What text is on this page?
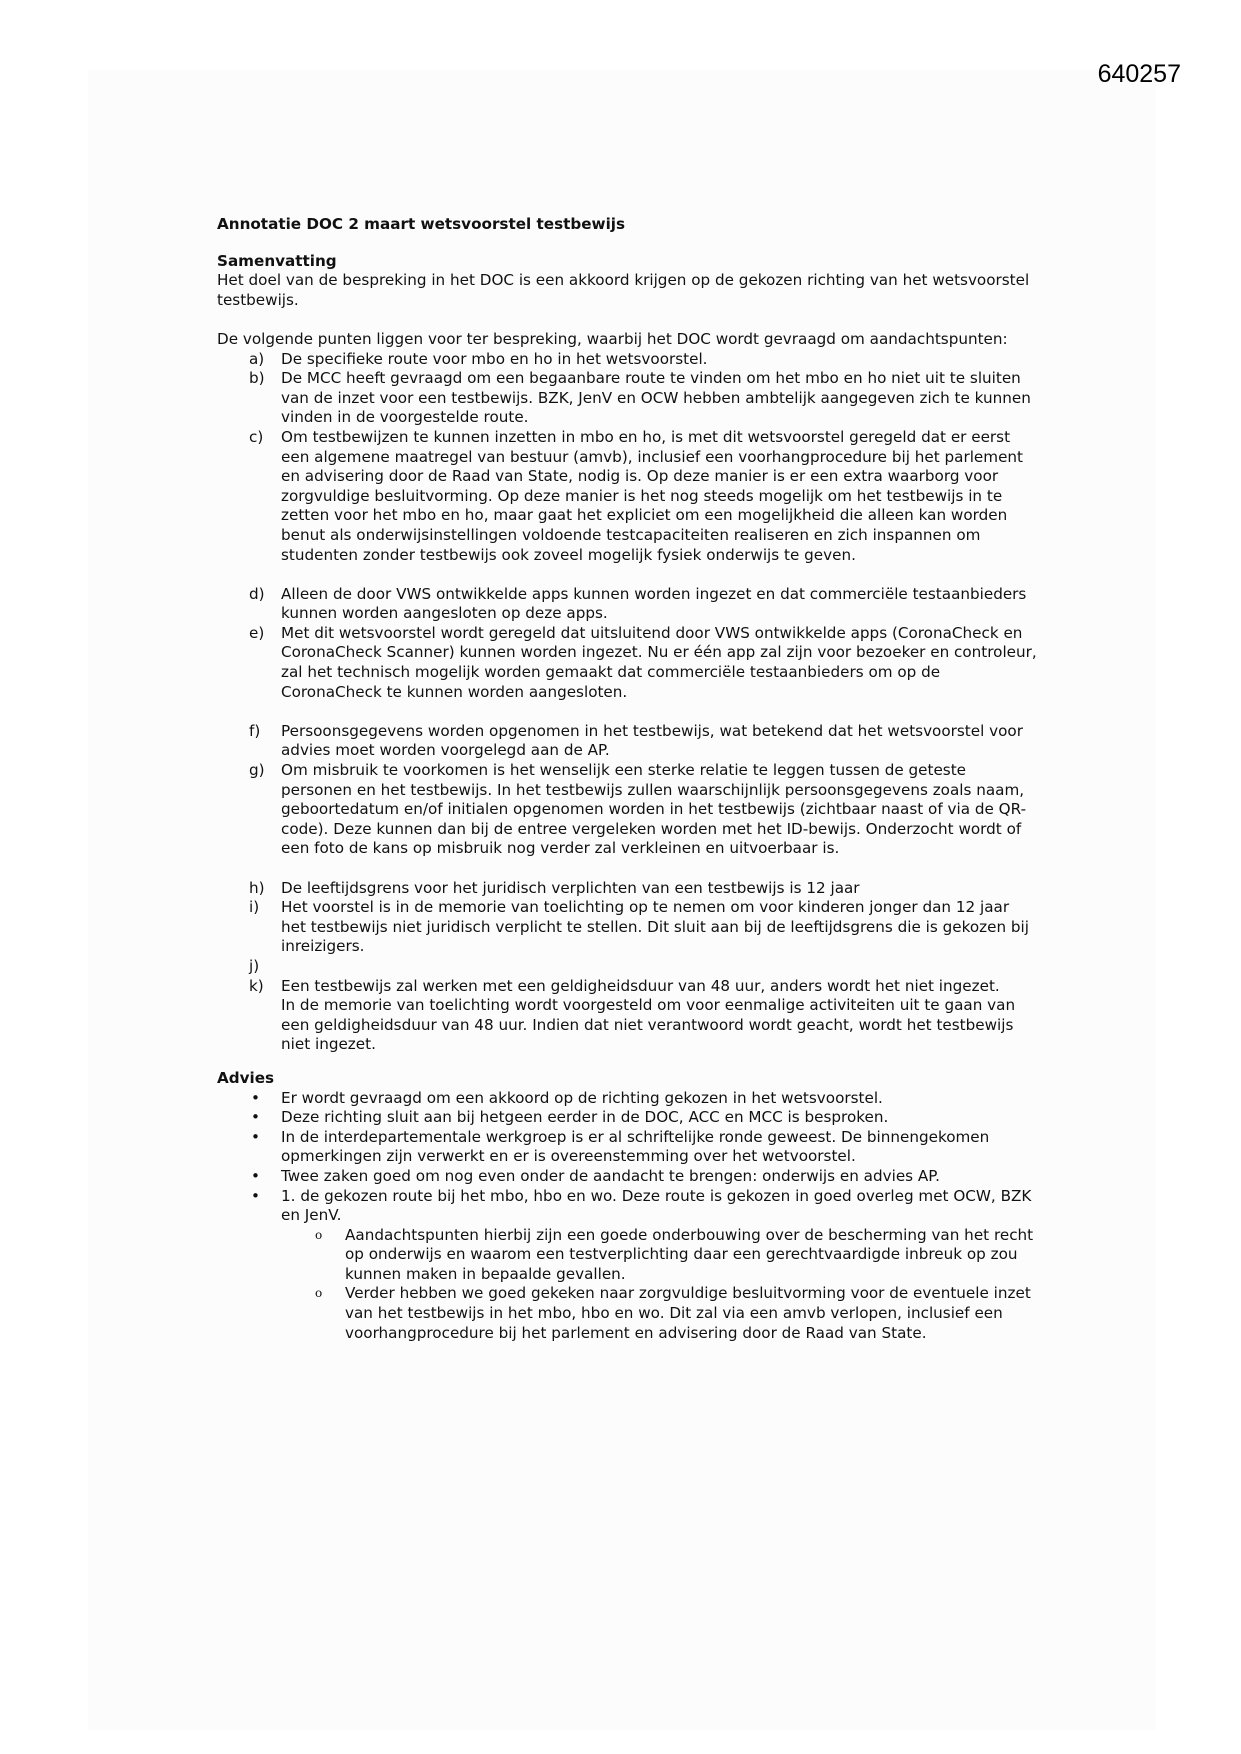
640257
Annotatie DOC 2 maart wetsvoorstel testbewijs
Samenvatting

Het doel van de bespreking in het DOC is een akkoord krijgen op de gekozen richting van het wetsvoorstel testbewijs.

De volgende punten liggen voor ter bespreking, waarbij het DOC wordt gevraagd om aandachtspunten:

a)	De specifieke route voor mbo en ho in het wetsvoorstel.
b)	De MCC heeft gevraagd om een begaanbare route te vinden om het mbo en ho niet uit te sluiten van de inzet voor een testbewijs. BZK, JenV en OCW hebben ambtelijk aangegeven zich te kunnen vinden in de voorgestelde route.
c)	Om testbewijzen te kunnen inzetten in mbo en ho, is met dit wetsvoorstel geregeld dat er eerst een algemene maatregel van bestuur (amvb), inclusief een voorhangprocedure bij het parlement en advisering door de Raad van State, nodig is. Op deze manier is er een extra waarborg voor zorgvuldige besluitvorming. Op deze manier is het nog steeds mogelijk om het testbewijs in te zetten voor het mbo en ho, maar gaat het expliciet om een mogelijkheid die alleen kan worden benut als onderwijsinstellingen voldoende testcapaciteiten realiseren en zich inspannen om studenten zonder testbewijs ook zoveel mogelijk fysiek onderwijs te geven.
d)	Alleen de door VWS ontwikkelde apps kunnen worden ingezet en dat commerciële testaanbieders kunnen worden aangesloten op deze apps.
e)	Met dit wetsvoorstel wordt geregeld dat uitsluitend door VWS ontwikkelde apps (CoronaCheck en CoronaCheck Scanner) kunnen worden ingezet. Nu er één app zal zijn voor bezoeker en controleur, zal het technisch mogelijk worden gemaakt dat commerciële testaanbieders om op de CoronaCheck te kunnen worden aangesloten.
f)	Persoonsgegevens worden opgenomen in het testbewijs, wat betekend dat het wetsvoorstel voor advies moet worden voorgelegd aan de AP.
g)	Om misbruik te voorkomen is het wenselijk een sterke relatie te leggen tussen de geteste personen en het testbewijs. In het testbewijs zullen waarschijnlijk persoonsgegevens zoals naam, geboortedatum en/of initialen opgenomen worden in het testbewijs (zichtbaar naast of via de QR-code). Deze kunnen dan bij de entree vergeleken worden met het ID-bewijs. Onderzocht wordt of een foto de kans op misbruik nog verder zal verkleinen en uitvoerbaar is.
h)	De leeftijdsgrens voor het juridisch verplichten van een testbewijs is 12 jaar
i)	Het voorstel is in de memorie van toelichting op te nemen om voor kinderen jonger dan 12 jaar het testbewijs niet juridisch verplicht te stellen. Dit sluit aan bij de leeftijdsgrens die is gekozen bij inreizigers.
j)
k)	Een testbewijs zal werken met een geldigheidsduur van 48 uur, anders wordt het niet ingezet.
In de memorie van toelichting wordt voorgesteld om voor eenmalige activiteiten uit te gaan van een geldigheidsduur van 48 uur. Indien dat niet verantwoord wordt geacht, wordt het testbewijs niet ingezet.
Advies
•	Er wordt gevraagd om een akkoord op de richting gekozen in het wetsvoorstel.
•	Deze richting sluit aan bij hetgeen eerder in de DOC, ACC en MCC is besproken.
•	In de interdepartementale werkgroep is er al schriftelijke ronde geweest. De binnengekomen opmerkingen zijn verwerkt en er is overeenstemming over het wetvoorstel.
•	Twee zaken goed om nog even onder de aandacht te brengen: onderwijs en advies AP.
•	1. de gekozen route bij het mbo, hbo en wo. Deze route is gekozen in goed overleg met OCW, BZK en JenV.
o	Aandachtspunten hierbij zijn een goede onderbouwing over de bescherming van het recht op onderwijs en waarom een testverplichting daar een gerechtvaardigde inbreuk op zou kunnen maken in bepaalde gevallen.
o	Verder hebben we goed gekeken naar zorgvuldige besluitvorming voor de eventuele inzet van het testbewijs in het mbo, hbo en wo. Dit zal via een amvb verlopen, inclusief een voorhangprocedure bij het parlement en advisering door de Raad van State.
